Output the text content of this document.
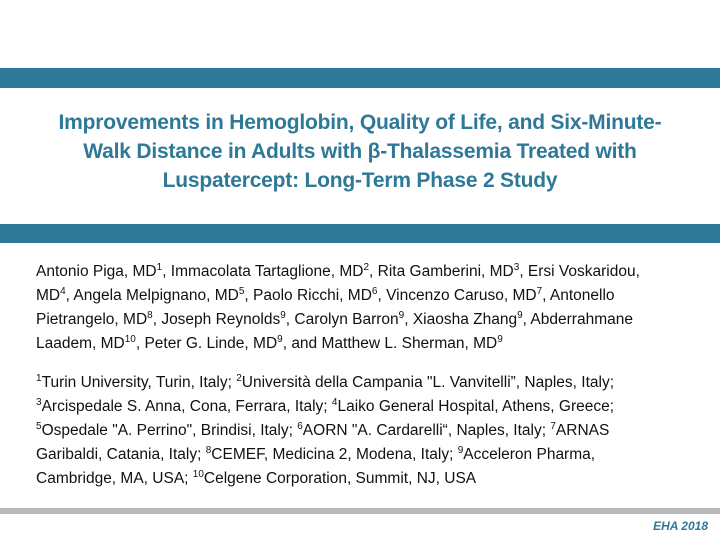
Improvements in Hemoglobin, Quality of Life, and Six-Minute-
Walk Distance in Adults with β-Thalassemia Treated with
Luspatercept: Long-Term Phase 2 Study
Antonio Piga, $MD^1$, Immacolata Tartaglione, $MD^2$, Rita Gamberini, $MD^3$, Ersi Voskaridou,
$MD^4$, Angela Melpignano, $MD^5$, Paolo Ricchi, $MD^6$, Vincenzo Caruso, $MD^7$, Antonello
Pietrangelo, $MD^8$, Joseph Reynolds$^9$, Carolyn Barron$^9$, Xiaosha Zhang$^9$, Abderrahmane
Laadem, MD$^{10}$, Peter G. Linde, $MD^9$, and Matthew L. Sherman, $MD^9$
$^1$Turin University, Turin, Italy; $^2$Università della Campania "L. Vanvitelli”, Naples, Italy;
$^3$Arcispedale S. Anna, Cona, Ferrara, Italy; $^4$Laiko General Hospital, Athens, Greece;
$^5$Ospedale "A. Perrino", Brindisi, Italy; $^6$AORN "A. Cardarelli“, Naples, Italy; $^7$ARNAS
Garibaldi, Catania, Italy; $^8$CEMEF, Medicina 2, Modena, Italy; $^9$Acceleron Pharma,
Cambridge, MA, USA; $^{10}$Celgene Corporation, Summit, NJ, USA
EHA 2018
